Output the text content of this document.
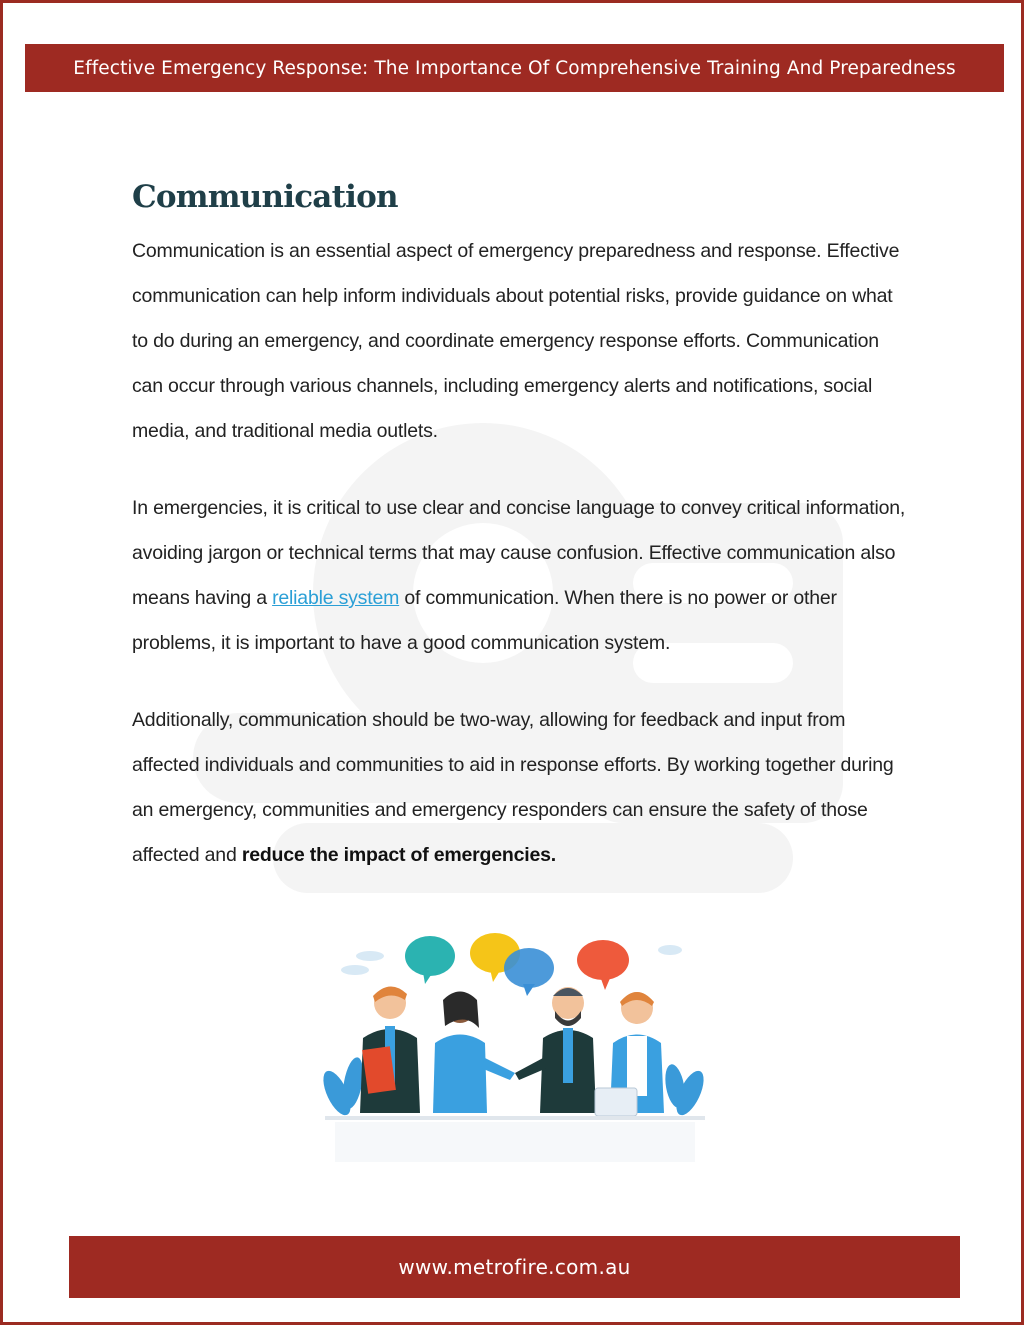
Effective Emergency Response: The Importance Of Comprehensive Training And Preparedness
Communication

Communication is an essential aspect of emergency preparedness and response. Effective communication can help inform individuals about potential risks, provide guidance on what to do during an emergency, and coordinate emergency response efforts. Communication can occur through various channels, including emergency alerts and notifications, social media, and traditional media outlets.

In emergencies, it is critical to use clear and concise language to convey critical information, avoiding jargon or technical terms that may cause confusion. Effective communication also means having a reliable system of communication. When there is no power or other problems, it is important to have a good communication system.

Additionally, communication should be two-way, allowing for feedback and input from affected individuals and communities to aid in response efforts. By working together during an emergency, communities and emergency responders can ensure the safety of those affected and reduce the impact of emergencies.

www.metrofire.com.au
